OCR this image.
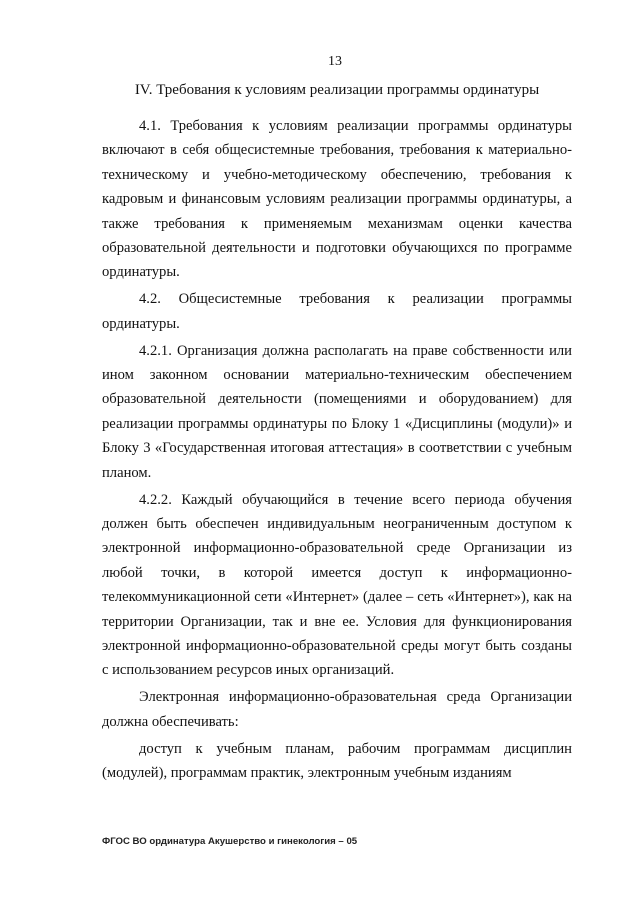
13
IV. Требования к условиям реализации программы ординатуры

4.1. Требования к условиям реализации программы ординатуры включают в себя общесистемные требования, требования к материально-техническому и учебно-методическому обеспечению, требования к кадровым и финансовым условиям реализации программы ординатуры, а также требования к применяемым механизмам оценки качества образовательной деятельности и подготовки обучающихся по программе ординатуры.

4.2. Общесистемные требования к реализации программы ординатуры.

4.2.1. Организация должна располагать на праве собственности или ином законном основании материально-техническим обеспечением образовательной деятельности (помещениями и оборудованием) для реализации программы ординатуры по Блоку 1 «Дисциплины (модули)» и Блоку 3 «Государственная итоговая аттестация» в соответствии с учебным планом.

4.2.2. Каждый обучающийся в течение всего периода обучения должен быть обеспечен индивидуальным неограниченным доступом к электронной информационно-образовательной среде Организации из любой точки, в которой имеется доступ к информационно-телекоммуникационной сети «Интернет» (далее – сеть «Интернет»), как на территории Организации, так и вне ее. Условия для функционирования электронной информационно-образовательной среды могут быть созданы с использованием ресурсов иных организаций.

Электронная информационно-образовательная среда Организации должна обеспечивать:

доступ к учебным планам, рабочим программам дисциплин (модулей), программам практик, электронным учебным изданиям

ФГОС ВО ординатура Акушерство и гинекология – 05
